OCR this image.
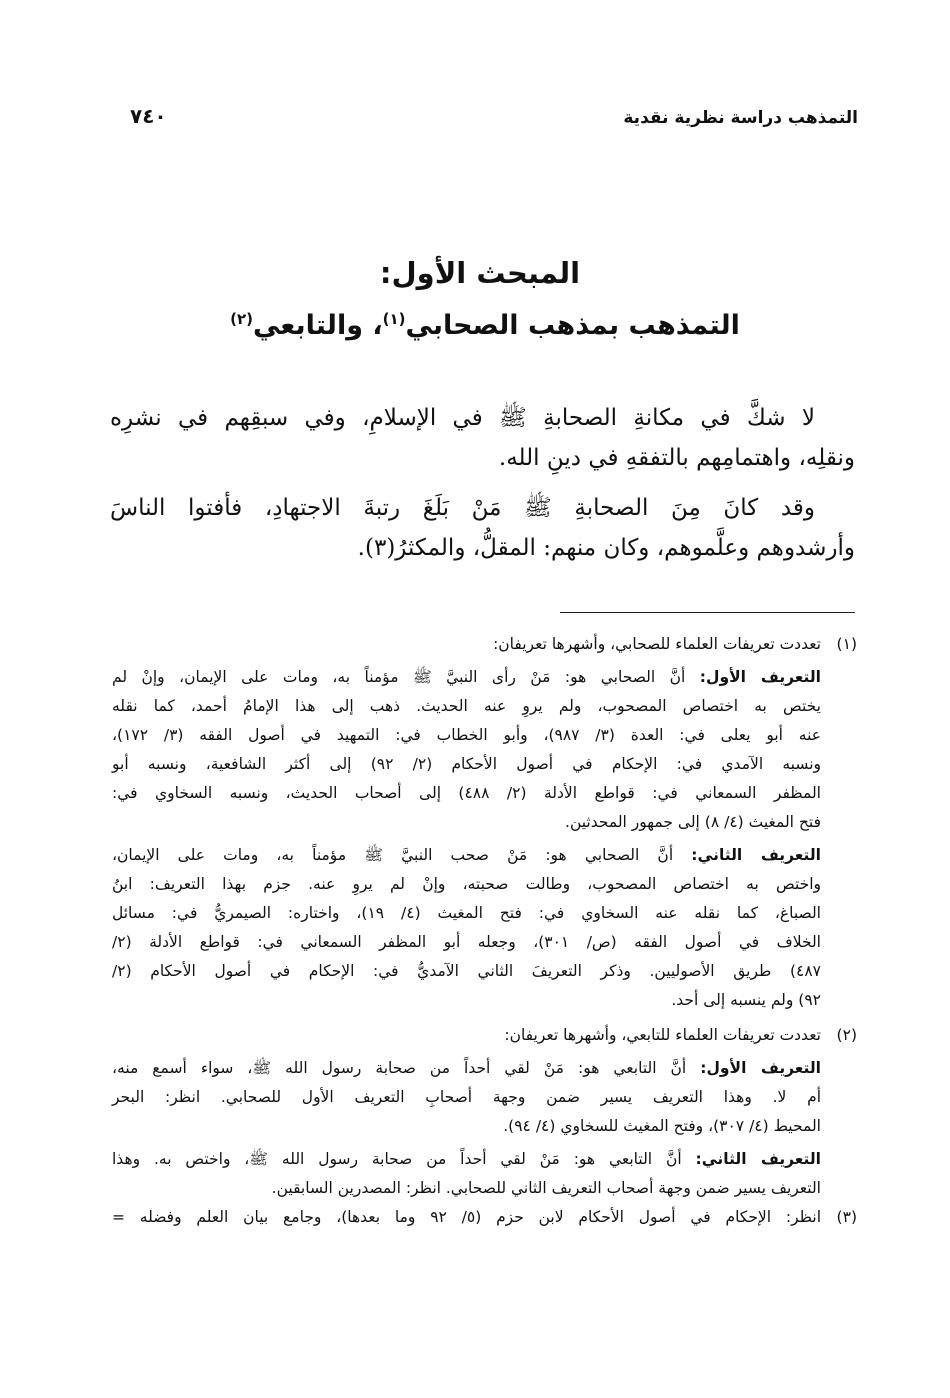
التمذهب دراسة نظرية نقدية
٧٤٠
المبحث الأول:
التمذهب بمذهب الصحابي$^{(١)}$، والتابعي$^{(٢)}$
لا شكَّ في مكانةِ الصحابةِ ﷺ في الإسلامِ، وفي سبقِهم في نشرِه
ونقلِه، واهتمامِهم بالتفقهِ في دينِ الله.
وقد كانَ مِنَ الصحابةِ ﷺ مَنْ بَلَغَ رتبةَ الاجتهادِ، فأفتوا الناسَ
وأرشدوهم وعلَّموهم، وكان منهم: المقلُّ، والمكثرُ(٣).
(١)
تعددت تعريفات العلماء للصحابي، وأشهرها تعريفان:
التعريف الأول: أنَّ الصحابي هو: مَنْ رأى النبيَّ ﷺ مؤمناً به، ومات على الإيمان، وإنْ لم
يختص به اختصاص المصحوب، ولم يروِ عنه الحديث. ذهب إلى هذا الإمامُ أحمد، كما نقله
عنه أبو يعلى في: العدة (٣/ ٩٨٧)، وأبو الخطاب في: التمهيد في أصول الفقه (٣/ ١٧٢)،
ونسبه الآمدي في: الإحكام في أصول الأحكام (٢/ ٩٢) إلى أكثر الشافعية، ونسبه أبو
المظفر السمعاني في: قواطع الأدلة (٢/ ٤٨٨) إلى أصحاب الحديث، ونسبه السخاوي في:
فتح المغيث (٤/ ٨) إلى جمهور المحدثين.
التعريف الثاني: أنَّ الصحابي هو: مَنْ صحب النبيَّ ﷺ مؤمناً به، ومات على الإيمان،
واختص به اختصاص المصحوب، وطالت صحبته، وإنْ لم يروِ عنه. جزم بهذا التعريف: ابنُ
الصباغ، كما نقله عنه السخاوي في: فتح المغيث (٤/ ١٩)، واختاره: الصيمريُّ في: مسائل
الخلاف في أصول الفقه (ص/ ٣٠١)، وجعله أبو المظفر السمعاني في: قواطع الأدلة (٢/
٤٨٧) طريق الأصوليين. وذكر التعريفَ الثاني الآمديُّ في: الإحكام في أصول الأحكام (٢/
٩٢) ولم ينسبه إلى أحد.
(٢)
تعددت تعريفات العلماء للتابعي، وأشهرها تعريفان:
التعريف الأول: أنَّ التابعي هو: مَنْ لقي أحداً من صحابة رسول الله ﷺ، سواء أسمع منه،
أم لا. وهذا التعريف يسير ضمن وجهة أصحابِ التعريف الأول للصحابي. انظر: البحر
المحيط (٤/ ٣٠٧)، وفتح المغيث للسخاوي (٤/ ٩٤).
التعريف الثاني: أنَّ التابعي هو: مَنْ لقي أحداً من صحابة رسول الله ﷺ، واختص به. وهذا
التعريف يسير ضمن وجهة أصحاب التعريف الثاني للصحابي. انظر: المصدرين السابقين.
(٣)
انظر: الإحكام في أصول الأحكام لابن حزم (٥/ ٩٢ وما بعدها)، وجامع بيان العلم وفضله =
